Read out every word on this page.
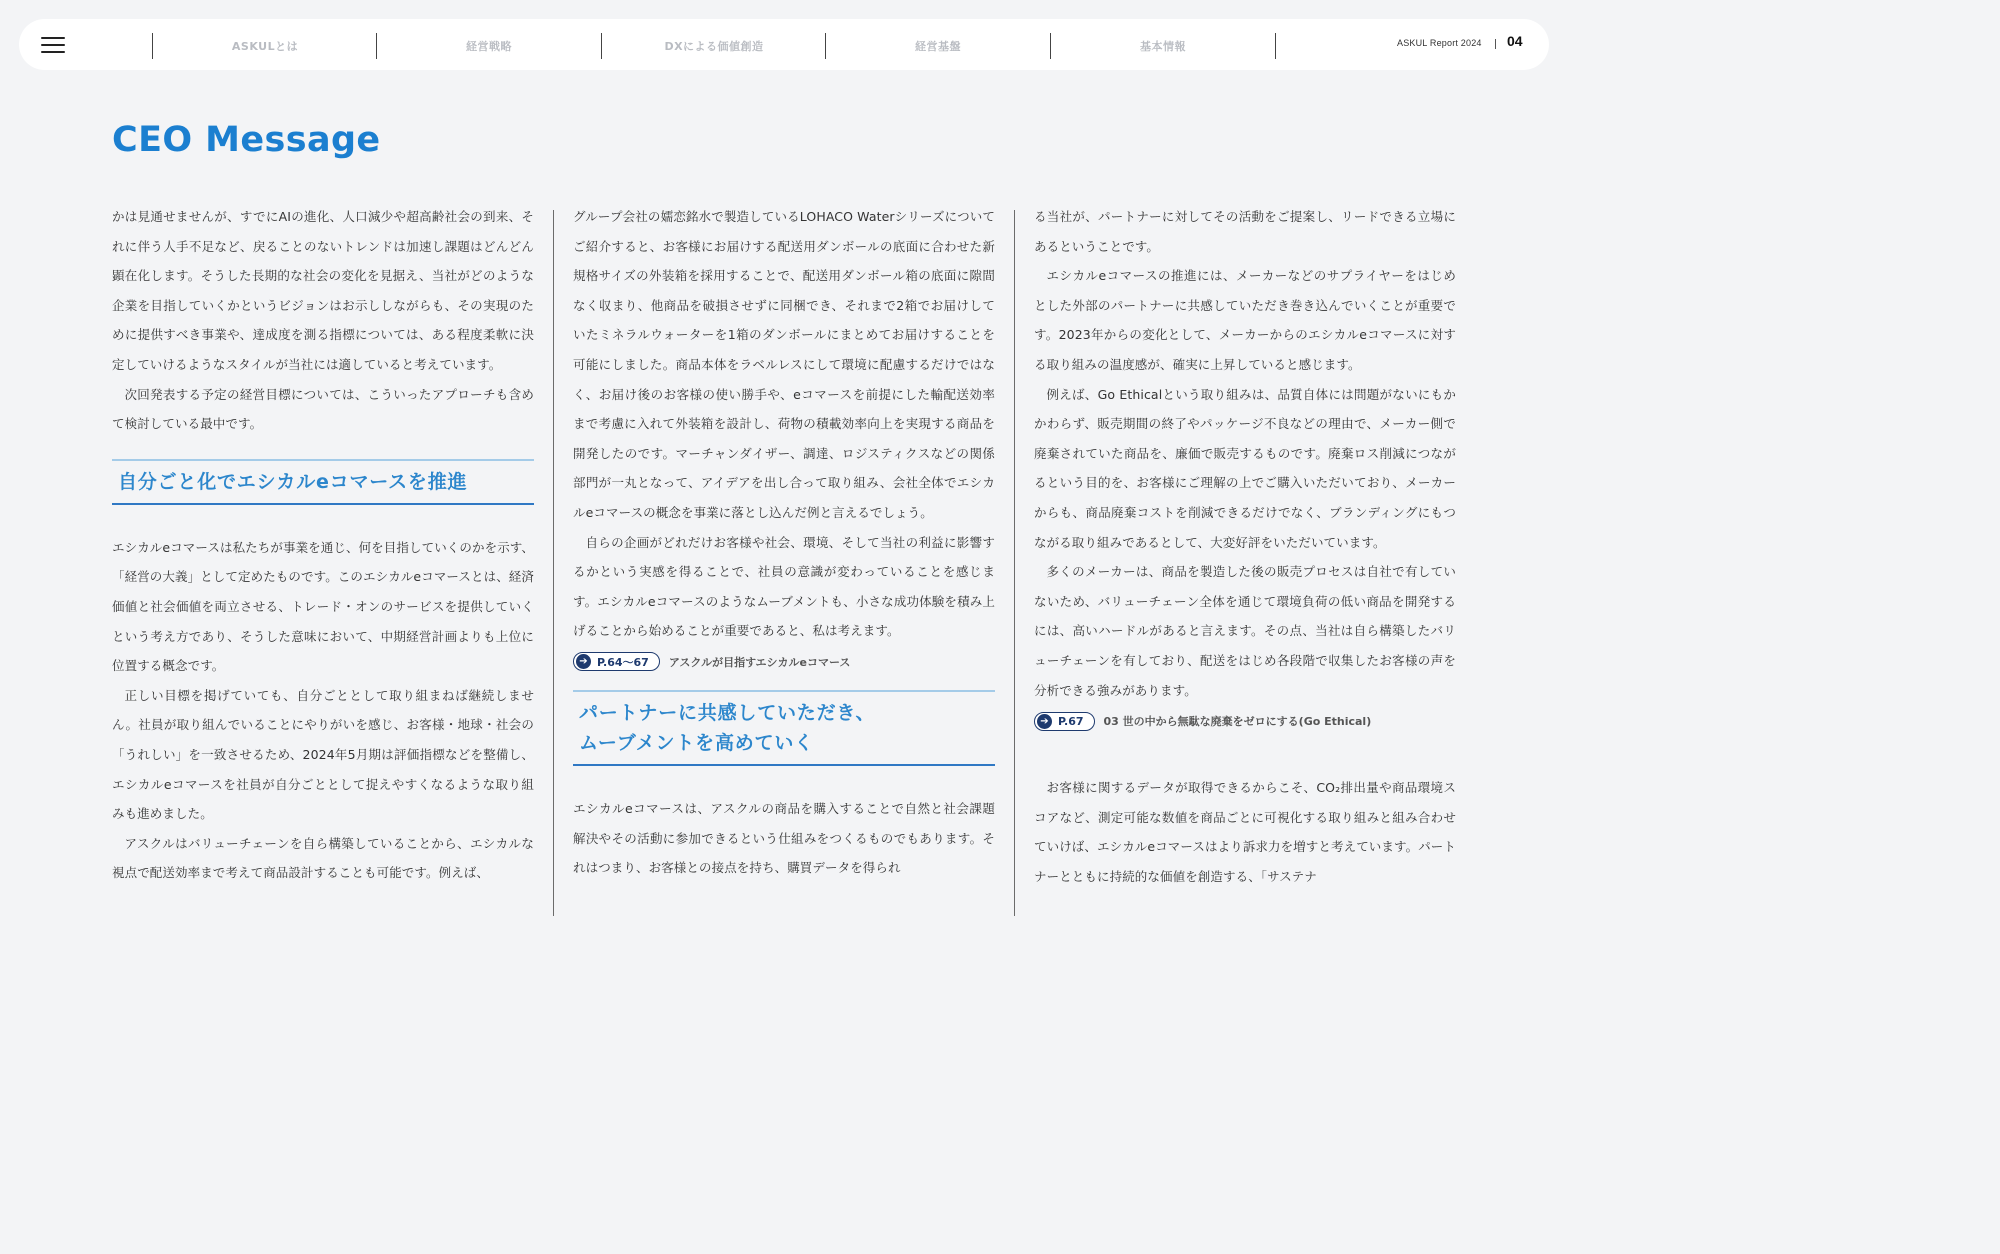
ASKULとは	経営戦略	DXによる価値創造	経営基盤	基本情報	ASKUL Report 2024 04
CEO Message

かは見通せませんが、すでにAIの進化、人口減少や超高齢社会の到来、それに伴う人手不足など、戻ることのないトレンドは加速し課題はどんどん顕在化します。そうした長期的な社会の変化を見据え、当社がどのような企業を目指していくかというビジョンはお示ししながらも、その実現のために提供すべき事業や、達成度を測る指標については、ある程度柔軟に決定していけるようなスタイルが当社には適していると考えています。

次回発表する予定の経営目標については、こういったアプローチも含めて検討している最中です。

自分ごと化でエシカルeコマースを推進

エシカルeコマースは私たちが事業を通じ、何を目指していくのかを示す、「経営の大義」として定めたものです。このエシカルeコマースとは、経済価値と社会価値を両立させる、トレード・オンのサービスを提供していくという考え方であり、そうした意味において、中期経営計画よりも上位に位置する概念です。

正しい目標を掲げていても、自分ごととして取り組まねば継続しません。社員が取り組んでいることにやりがいを感じ、お客様・地球・社会の「うれしい」を一致させるため、2024年5月期は評価指標などを整備し、エシカルeコマースを社員が自分ごととして捉えやすくなるような取り組みも進めました。

アスクルはバリューチェーンを自ら構築していることから、エシカルな視点で配送効率まで考えて商品設計することも可能です。例えば、

グループ会社の嬬恋銘水で製造しているLOHACO Waterシリーズについてご紹介すると、お客様にお届けする配送用ダンボールの底面に合わせた新規格サイズの外装箱を採用することで、配送用ダンボール箱の底面に隙間なく収まり、他商品を破損させずに同梱でき、それまで2箱でお届けしていたミネラルウォーターを1箱のダンボールにまとめてお届けすることを可能にしました。商品本体をラベルレスにして環境に配慮するだけではなく、お届け後のお客様の使い勝手や、eコマースを前提にした輸配送効率まで考慮に入れて外装箱を設計し、荷物の積載効率向上を実現する商品を開発したのです。マーチャンダイザー、調達、ロジスティクスなどの関係部門が一丸となって、アイデアを出し合って取り組み、会社全体でエシカルeコマースの概念を事業に落とし込んだ例と言えるでしょう。

自らの企画がどれだけお客様や社会、環境、そして当社の利益に影響するかという実感を得ることで、社員の意識が変わっていることを感じます。エシカルeコマースのようなムーブメントも、小さな成功体験を積み上げることから始めることが重要であると、私は考えます。

➔ P.64～67 アスクルが目指すエシカルeコマース
パートナーに共感していただき、
ムーブメントを高めていく

エシカルeコマースは、アスクルの商品を購入することで自然と社会課題解決やその活動に参加できるという仕組みをつくるものでもあります。それはつまり、お客様との接点を持ち、購買データを得られ

る当社が、パートナーに対してその活動をご提案し、リードできる立場にあるということです。

エシカルeコマースの推進には、メーカーなどのサプライヤーをはじめとした外部のパートナーに共感していただき巻き込んでいくことが重要です。2023年からの変化として、メーカーからのエシカルeコマースに対する取り組みの温度感が、確実に上昇していると感じます。

例えば、Go Ethicalという取り組みは、品質自体には問題がないにもかかわらず、販売期間の終了やパッケージ不良などの理由で、メーカー側で廃棄されていた商品を、廉価で販売するものです。廃棄ロス削減につながるという目的を、お客様にご理解の上でご購入いただいており、メーカーからも、商品廃棄コストを削減できるだけでなく、ブランディングにもつながる取り組みであるとして、大変好評をいただいています。

多くのメーカーは、商品を製造した後の販売プロセスは自社で有していないため、バリューチェーン全体を通じて環境負荷の低い商品を開発するには、高いハードルがあると言えます。その点、当社は自ら構築したバリューチェーンを有しており、配送をはじめ各段階で収集したお客様の声を分析できる強みがあります。

➔ P.67 03 世の中から無駄な廃棄をゼロにする(Go Ethical)

お客様に関するデータが取得できるからこそ、CO₂排出量や商品環境スコアなど、測定可能な数値を商品ごとに可視化する取り組みと組み合わせていけば、エシカルeコマースはより訴求力を増すと考えています。パートナーとともに持続的な価値を創造する、「サステナ
